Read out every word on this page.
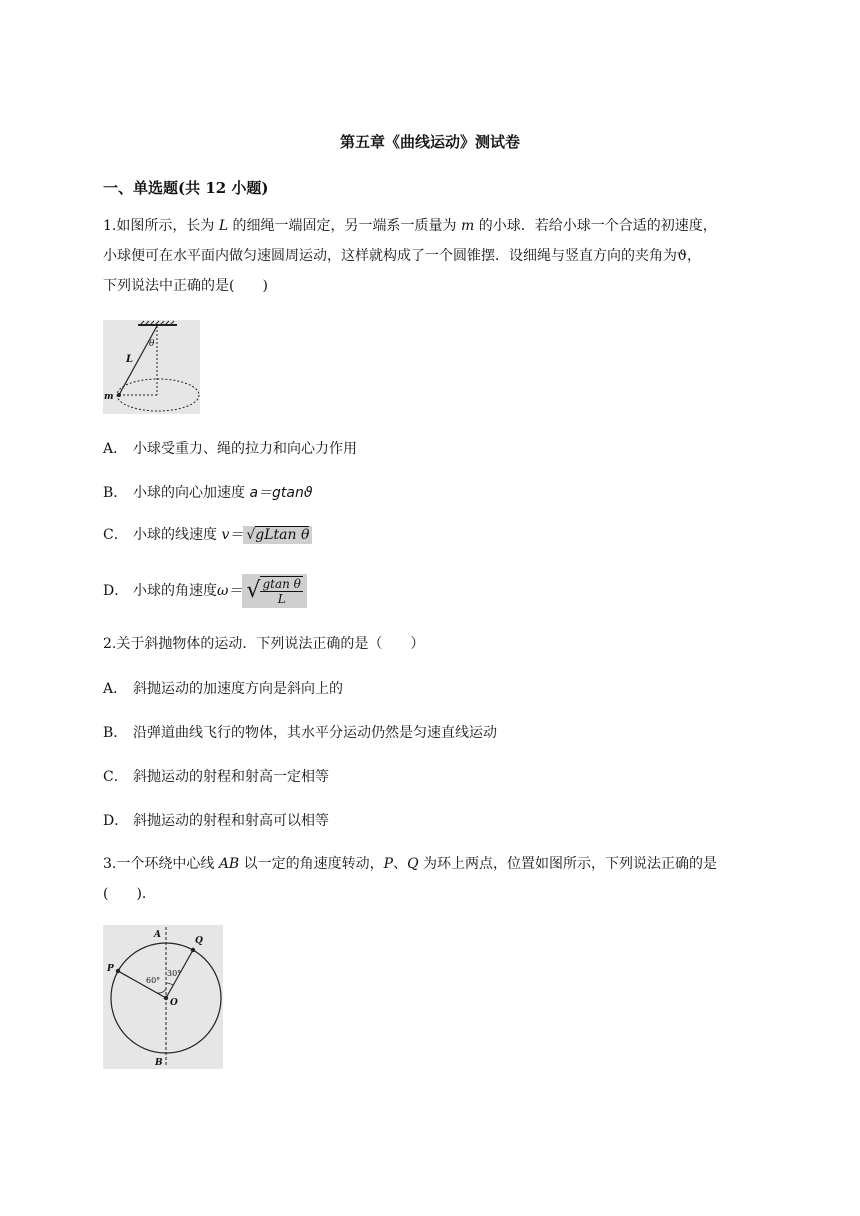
第五章《曲线运动》测试卷
一、单选题(共 12 小题)
1.如图所示，长为 L 的细绳一端固定，另一端系一质量为 m 的小球．若给小球一个合适的初速度，
小球便可在水平面内做匀速圆周运动，这样就构成了一个圆锥摆．设细绳与竖直方向的夹角为ϑ，
下列说法中正确的是(　　)
θ
L
m
A． 小球受重力、绳的拉力和向心力作用
B． 小球的向心加速度 a＝gtanϑ
C． 小球的线速度 v＝ √gLtan θ
D． 小球的角速度ω＝ √ $\frac{\text{gtan θ}}{L}$
2.关于斜抛物体的运动．下列说法正确的是（　　）
A． 斜抛运动的加速度方向是斜向上的
B． 沿弹道曲线飞行的物体，其水平分运动仍然是匀速直线运动
C． 斜抛运动的射程和射高一定相等
D． 斜抛运动的射程和射高可以相等
3.一个环绕中心线 AB 以一定的角速度转动，P、Q 为环上两点，位置如图所示，下列说法正确的是
(　　)．
A
Q
P	30°
60°
O
B
